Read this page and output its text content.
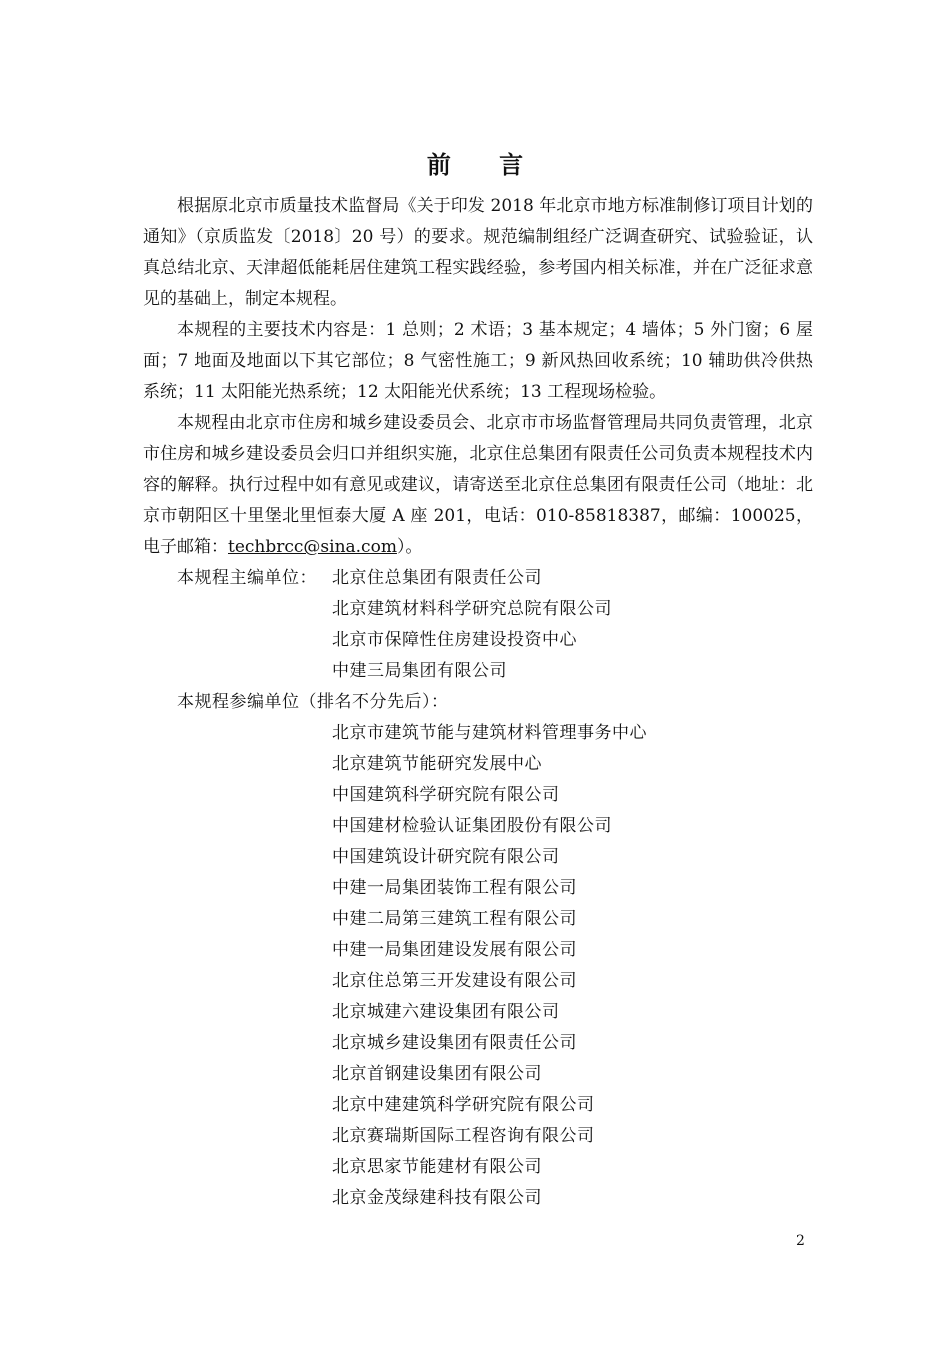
前 言

根据原北京市质量技术监督局《关于印发 2018 年北京市地方标准制修订项目计划的通知》（京质监发〔2018〕20 号）的要求。规范编制组经广泛调查研究、试验验证，认真总结北京、天津超低能耗居住建筑工程实践经验，参考国内相关标准，并在广泛征求意见的基础上，制定本规程。

本规程的主要技术内容是：1 总则；2 术语；3 基本规定；4 墙体；5 外门窗；6 屋面；7 地面及地面以下其它部位；8 气密性施工；9 新风热回收系统；10 辅助供冷供热系统；11 太阳能光热系统；12 太阳能光伏系统；13 工程现场检验。

本规程由北京市住房和城乡建设委员会、北京市市场监督管理局共同负责管理，北京市住房和城乡建设委员会归口并组织实施，北京住总集团有限责任公司负责本规程技术内容的解释。执行过程中如有意见或建议，请寄送至北京住总集团有限责任公司（地址：北京市朝阳区十里堡北里恒泰大厦 A 座 201，电话：010-85818387，邮编：100025，电子邮箱：techbrcc@sina.com）。

本规程主编单位： 北京住总集团有限责任公司
北京建筑材料科学研究总院有限公司
北京市保障性住房建设投资中心
中建三局集团有限公司
本规程参编单位（排名不分先后）：
北京市建筑节能与建筑材料管理事务中心
北京建筑节能研究发展中心
中国建筑科学研究院有限公司
中国建材检验认证集团股份有限公司
中国建筑设计研究院有限公司
中建一局集团装饰工程有限公司
中建二局第三建筑工程有限公司
中建一局集团建设发展有限公司
北京住总第三开发建设有限公司
北京城建六建设集团有限公司
北京城乡建设集团有限责任公司
北京首钢建设集团有限公司
北京中建建筑科学研究院有限公司
北京赛瑞斯国际工程咨询有限公司
北京思家节能建材有限公司
北京金茂绿建科技有限公司
2
